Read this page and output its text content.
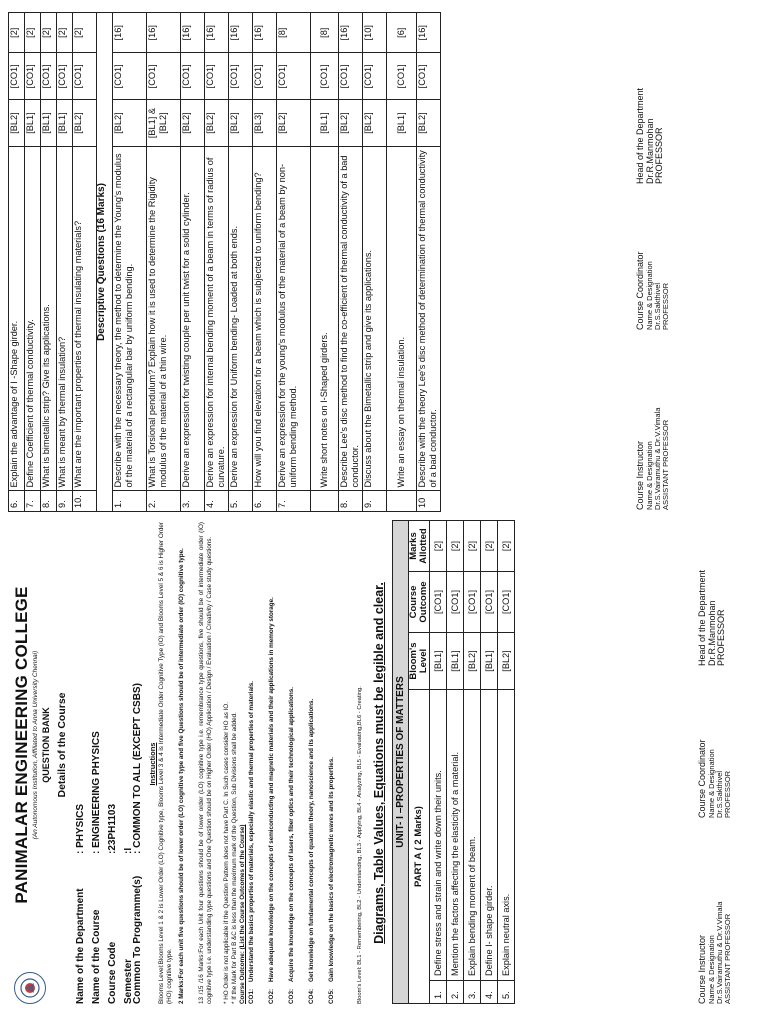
PANIMALAR ENGINEERING COLLEGE (An Autonomous Institution, Affiliated to Anna University Chennai) QUESTION BANK Details of the Course
Name of the Department
: PHYSICS
Name of the Course
: ENGINEERING PHYSICS
Course Code
:23PH1103
Semester
:I
Common To Programme(s)
: COMMON TO ALL (EXCEPT CSBS) Instructions Blooms Level:Blooms Level 1 & 2 is Lower Order (LO) Cognitive type, Blooms Level 3 & 4 is Intermediate Order Cognitive Type (IO) and Blooms Level 5 & 6 is Higher Order (HO) cognitive type. 2 Marks:For each unit five questions should be of lower order (LO) cognitive type and five Questions should be of intermediate order (IO) cognitive type. 13 /15 /16 Marks:For each Unit four questions should be of lower order (LO) cognitive type i.e. remembrance type questions, five should be of intermediate order (IO) cognitive type i.e. understanding type questions and One Question should be on Higher Order (HO) Application / Design / Evaluation / Creativity / Case study questions. * HO Order is not applicable if the Question Pattern does not have Part C. In Such cases consider HO as IO. * If the Mark for Part B &C is less than the maximum mark of the Question, Sub Divisions shall be added. Course Outcome: (List the Course Outcomes of the Course) CO1:Understand the basics properties of materials, especially elastic and thermal properties of materials.
CO2:Have adequate knowledge on the concepts of semiconducting and magnetic materials and their applications in memory storage.
CO3:Acquire the knowledge on the concepts of lasers, fiber optics and their technological applications.
CO4:Get knowledge on fundamental concepts of quantum theory, nanoscience and its applications.
CO5:Gain knowledge on the basics of electromagnetic waves and its properties.	Bloom's Level: BL1 - Remembering, BL2 - Understanding, BL3 - Applying, BL4 - Analyzing, BL5 - Evaluating,BL6 - Creating. Diagrams, Table Values, Equations must be legible and clear. UNIT- I –PROPERTIES OF MATTERS				
PART A ( 2 Marks)		Bloom's Level	Course Outcome	Marks Allotted
1.	Define stress and strain and write down their units.	[BL1]	[CO1]	[2]
2.	Mention the factors affecting the elasticity of a material.	[BL1]	[CO1]	[2]
3.	Explain bending moment of beam.	[BL2]	[CO1]	[2]
4.	Define I- shape girder.	[BL1]	[CO1]	[2]
5.	Explain neutral axis.	[BL2]	[CO1]	[2]
Course Instructor Name & Designation Dr.S.Vairamuthu & Dr.V.Vimala ASSISTANT PROFESSOR
Course Coordinator Name & Designation Dr.S.Sakthivel PROFESSOR
Head of the Department Dr.R.Manmohan PROFESSOR
6.	Explain the advantage of I -Shape girder.	[BL2]	[CO1]	[2]
7.	Define Coefficient of thermal conductivity.	[BL1]	[CO1]	[2]
8.	What is bimetallic strip? Give its applications.	[BL1]	[CO1]	[2]
9.	What is meant by thermal insulation?	[BL1]	[CO1]	[2]
10.	What are the important properties of thermal insulating materials?	[BL2]	[CO1]	[2]
Descriptive Questions (16 Marks)				
1.	Describe with the necessary theory, the method to determine the Young's modulus of the material of a rectangular bar by uniform bending.	[BL2]	[CO1]	[16]
2.	What is Torsional pendulum? Explain how it is used to determine the Rigidity modulus of the material of a thin wire.	[BL1] & [BL2]	[CO1]	[16]
3.	Derive an expression for twisting couple per unit twist for a solid cylinder.	[BL2]	[CO1]	[16]
4.	Derive an expression for internal bending moment of a beam in terms of radius of curvature.	[BL2]	[CO1]	[16]
5.	Derive an expression for Uniform bending- Loaded at both ends.	[BL2]	[CO1]	[16]
6.	How will you find elevation for a beam which is subjected to uniform bending?	[BL3]	[CO1]	[16]
7.	Derive an expression for the young's modulus of the material of a beam by non-uniform bending method.	[BL2]	[CO1]	[8]
	Write short notes on I-Shaped girders.	[BL1]	[CO1]	[8]
8.	Describe Lee's disc method to find the co-efficient of thermal conductivity of a bad conductor.	[BL2]	[CO1]	[16]
9.	Discuss about the Bimetallic strip and give its applications.	[BL2]	[CO1]	[10]
	Write an essay on thermal insulation.	[BL1]	[CO1]	[6]
10	Describe with the theory Lee's disc method of determination of thermal conductivity of a bad conductor.	[BL2]	[CO1]	[16]
Course Instructor Name & Designation Dr.S.Vairamuthu & Dr.V.Vimala ASSISTANT PROFESSOR
Course Coordinator Name & Designation Dr.S.Sakthivel PROFESSOR
Head of the Department Dr.R.Manmohan PROFESSOR
